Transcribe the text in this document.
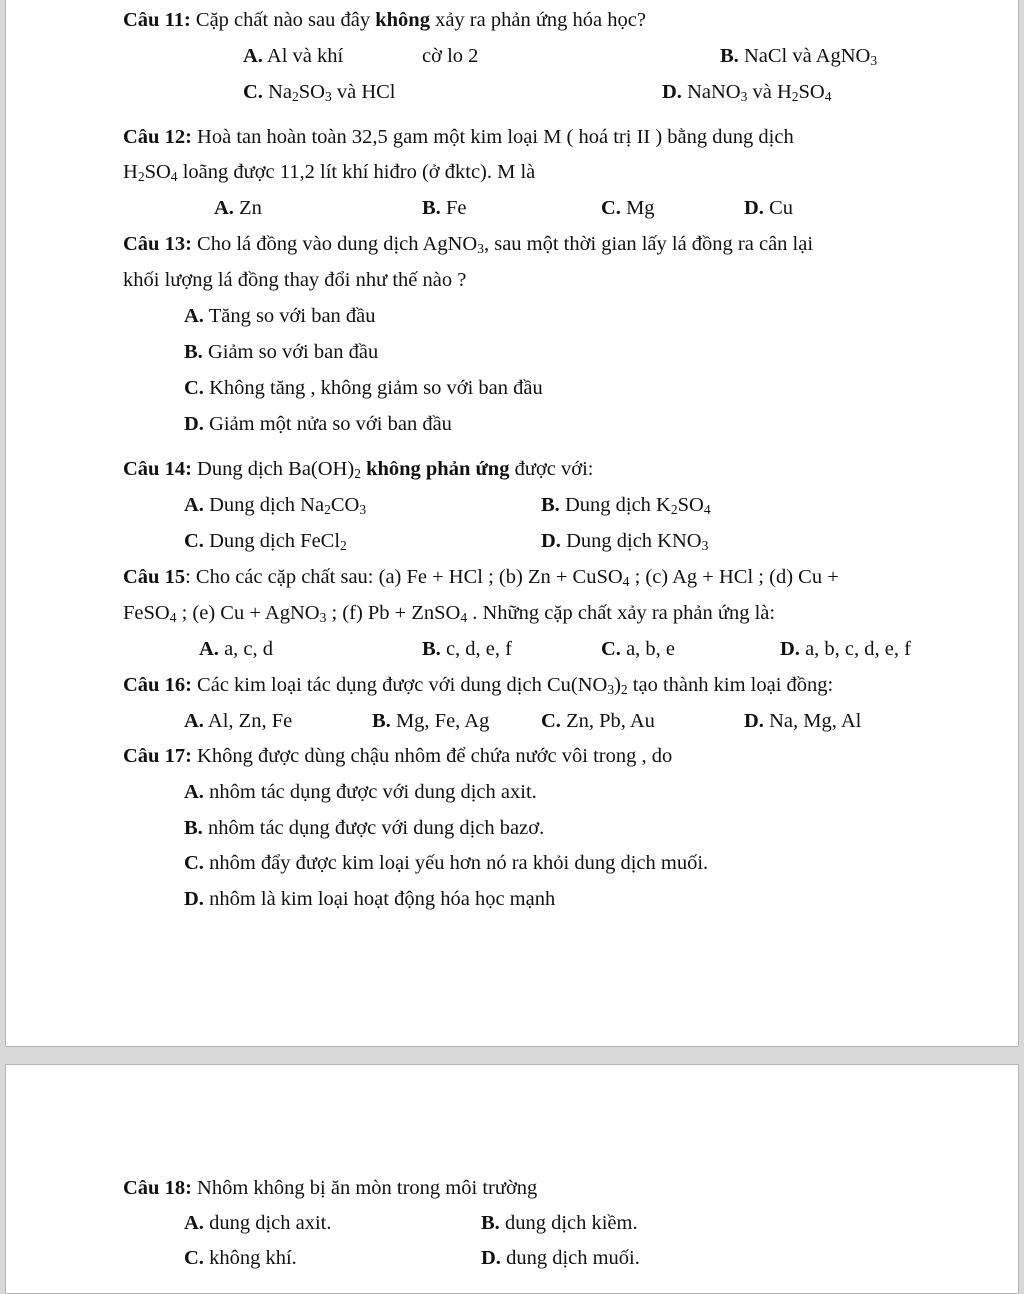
Câu 11: Cặp chất nào sau đây không xảy ra phản ứng hóa học?
A. Al và khí	cờ lo 2	B. NaCl và AgNO$_3$
C. $Na_2SO_3$ và HCl	D. NaNO$_3$ và $H_2SO_4$
Câu 12: Hoà tan hoàn toàn 32,5 gam một kim loại M ( hoá trị II ) bằng dung dịch
$H_2SO_4$ loãng được 11,2 lít khí hiđro (ở đktc). M là
A. Zn	B. Fe	C. Mg	D. Cu
Câu 13: Cho lá đồng vào dung dịch AgNO$_3$, sau một thời gian lấy lá đồng ra cân lại
khối lượng lá đồng thay đổi như thế nào ?
A. Tăng so với ban đầu
B. Giảm so với ban đầu
C. Không tăng , không giảm so với ban đầu
D. Giảm một nửa so với ban đầu
Câu 14: Dung dịch $Ba(OH)_2$ không phản ứng được với:
A. Dung dịch $Na_2CO_3$	B. Dung dịch $K_2SO_4$
C. Dung dịch FeCl$_2$	D. Dung dịch $KNO_3$
Câu 15: Cho các cặp chất sau: (a) Fe + HCl ; (b) Zn + CuSO$_4$ ; (c) Ag + HCl ; (d) Cu +
FeSO$_4$ ; (e) Cu + AgNO$_3$ ; (f) Pb + ZnSO$_4$ . Những cặp chất xảy ra phản ứng là:
A. a, c, d	B. c, d, e, f	C. a, b, e	D. a, b, c, d, e, f
Câu 16: Các kim loại tác dụng được với dung dịch $Cu(NO_3)_2$ tạo thành kim loại đồng:
A. Al, Zn, Fe	B. Mg, Fe, Ag	C. Zn, Pb, Au	D. Na, Mg, Al
Câu 17: Không được dùng chậu nhôm để chứa nước vôi trong , do
A. nhôm tác dụng được với dung dịch axit.
B. nhôm tác dụng được với dung dịch bazơ.
C. nhôm đẩy được kim loại yếu hơn nó ra khỏi dung dịch muối.
D. nhôm là kim loại hoạt động hóa học mạnh
Câu 18: Nhôm không bị ăn mòn trong môi trường
A. dung dịch axit.	B. dung dịch kiềm.
C. không khí.	D. dung dịch muối.
